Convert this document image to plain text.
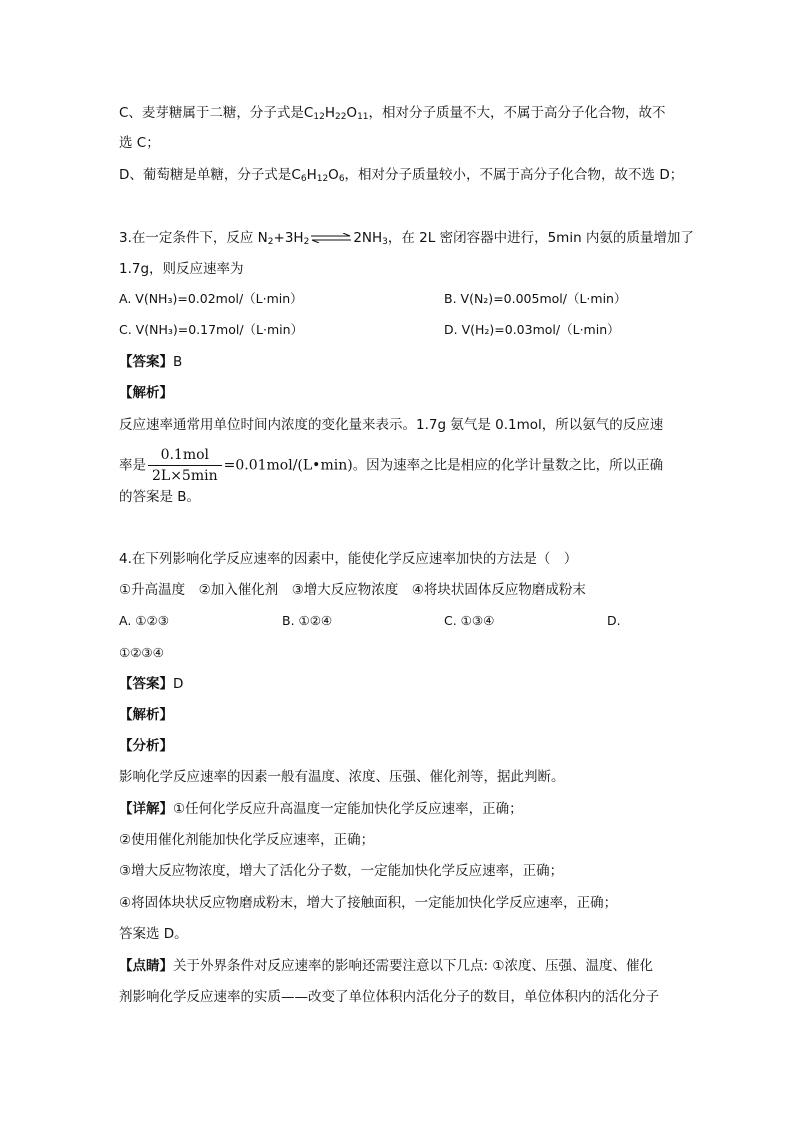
C、麦芽糖属于二糖，分子式是$C_{12}H_{22}O_{11}$，相对分子质量不大，不属于高分子化合物，故不
选 C；
D、葡萄糖是单糖，分子式是$C_6H_{12}O_6$，相对分子质量较小，不属于高分子化合物，故不选 D；
3.在一定条件下，反应 $N_2+3H_2\rightleftharpoons 2NH_3$，在 2L 密闭容器中进行，5min 内氨的质量增加了
1.7g，则反应速率为
A. V(NH₃)=0.02mol/（L·min）	B. V(N₂)=0.005mol/（L·min）
C. V(NH₃)=0.17mol/（L·min）	D. V(H₂)=0.03mol/（L·min）
【答案】B
【解析】
反应速率通常用单位时间内浓度的变化量来表示。1.7g 氨气是 0.1mol，所以氨气的反应速
率是 $\frac{\text{0.1mol}}{2L\times 5\min}$ =0.01mol/(L•min)。因为速率之比是相应的化学计量数之比，所以正确
的答案是 B。
4.在下列影响化学反应速率的因素中，能使化学反应速率加快的方法是（　）
①升高温度　②加入催化剂　③增大反应物浓度　④将块状固体反应物磨成粉末
A. ①②③	B. ①②④	C. ①③④	D.
①②③④
【答案】D
【解析】
【分析】
影响化学反应速率的因素一般有温度、浓度、压强、催化剂等，据此判断。
【详解】①任何化学反应升高温度一定能加快化学反应速率，正确；
②使用催化剂能加快化学反应速率，正确；
③增大反应物浓度，增大了活化分子数，一定能加快化学反应速率，正确；
④将固体块状反应物磨成粉末，增大了接触面积，一定能加快化学反应速率，正确；
答案选 D。
【点睛】关于外界条件对反应速率的影响还需要注意以下几点: ①浓度、压强、温度、催化
剂影响化学反应速率的实质——改变了单位体积内活化分子的数目，单位体积内的活化分子
